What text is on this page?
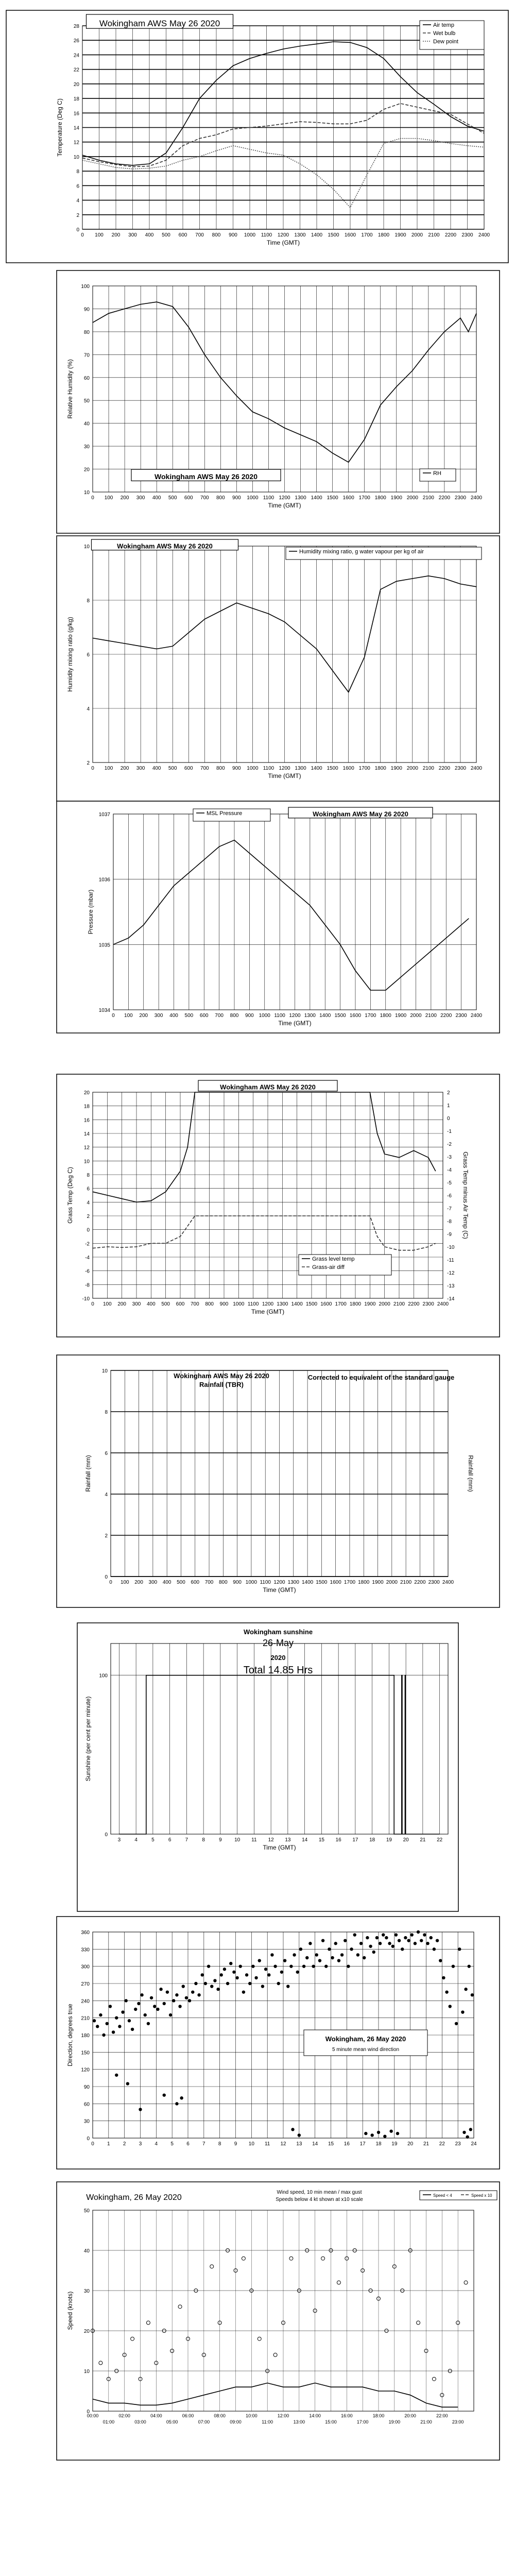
0 100 200 300 400 500 600 700 800 900 1000 1100 1200 1300 1400 1500 1600 1700 1800 1900 2000 2100 2200 2300 2400
0
2
4
6
8
10
12
14
16
18
20
22
24
26
28
Time (GMT)
Temperature (Deg C)
Wokingham AWS May 26 2020	Air temp
Wet bulb
Dew point
0 100 200 300 400 500 600 700 800 900 1000 1100 1200 1300 1400 1500 1600 1700 1800 1900 2000 2100 2200 2300 2400
10
20
30
40
50
60
70
80
90
100
Time (GMT)
Relative Humidity (%)
Wokingham AWS May 26 2020	RH
0 100 200 300 400 500 600 700 800 900 1000 1100 1200 1300 1400 1500 1600 1700 1800 1900 2000 2100 2200 2300 2400
2
4
6
8
10
Time (GMT)
Humidity mixing ratio (g/kg)
Wokingham AWS May 26 2020
Humidity mixing ratio, g water vapour per kg of air
0 100 200 300 400 500 600 700 800 900 1000 1100 1200 1300 1400 1500 1600 1700 1800 1900 2000 2100 2200 2300 2400
1034
1035
1036
1037
Time (GMT)
Pressure (mbar)
Wokingham AWS May 26 2020
MSL Pressure
0 100 200 300 400 500 600 700 800 900 1000 1100 1200 1300 1400 1500 1600 1700 1800 1900 2000 2100 2200 2300 2400
-10
-8
-6
-4
-2
0
2
4
6
8
10
12
14
16
18
20
-14
-13
-12
-11
-10
-9
-8
-7
-6
-5
-4
-3
-2
-1
0
1
2
Time (GMT)
Grass Temp (Deg C)	Grass Temp minus Air Temp (C)
Wokingham AWS May 26 2020
Grass level temp
Grass-air diff
0 100 200 300 400 500 600 700 800 900 1000 1100 1200 1300 1400 1500 1600 1700 1800 1900 2000 2100 2200 2300 2400
0
2
4
6
8
10
Time (GMT)
Rainfall (mm)	Rainfall (mm)
Wokingham AWS May 26 2020
Rainfall (TBR)
Corrected to equivalent of the standard gauge
3	4	5	6	7	8	9 10 11 12 13 14 15 16 17 18 19 20 21 22
0
100
Time (GMT)
Sunshine (per cent per minute)
Wokingham sunshine
26-May
2020
Total 14.85 Hrs
0	1	2	3	4	5	6	7	8	9 10 11 12 13 14 15 16 17 18 19 20 21 22 23 24
0
30
60
90
120
150
180
210
240
270
300
330
360
Direction, degrees true	Wokingham, 26 May 2020
5 minute mean wind direction
00:00
01:00
02:00
03:00
04:00
05:00
06:00
07:00
08:00
09:00
10:00
11:00
12:00
13:00
14:00
15:00
16:00
17:00
18:00
19:00
20:00
21:00
22:00
23:00
0
10
20
30
40
50
Speed (knots)
Wokingham, 26 May 2020
Wind speed, 10 min mean / max gust
Speeds below 4 kt shown at x10 scale
Speed < 4	Speed x 10
